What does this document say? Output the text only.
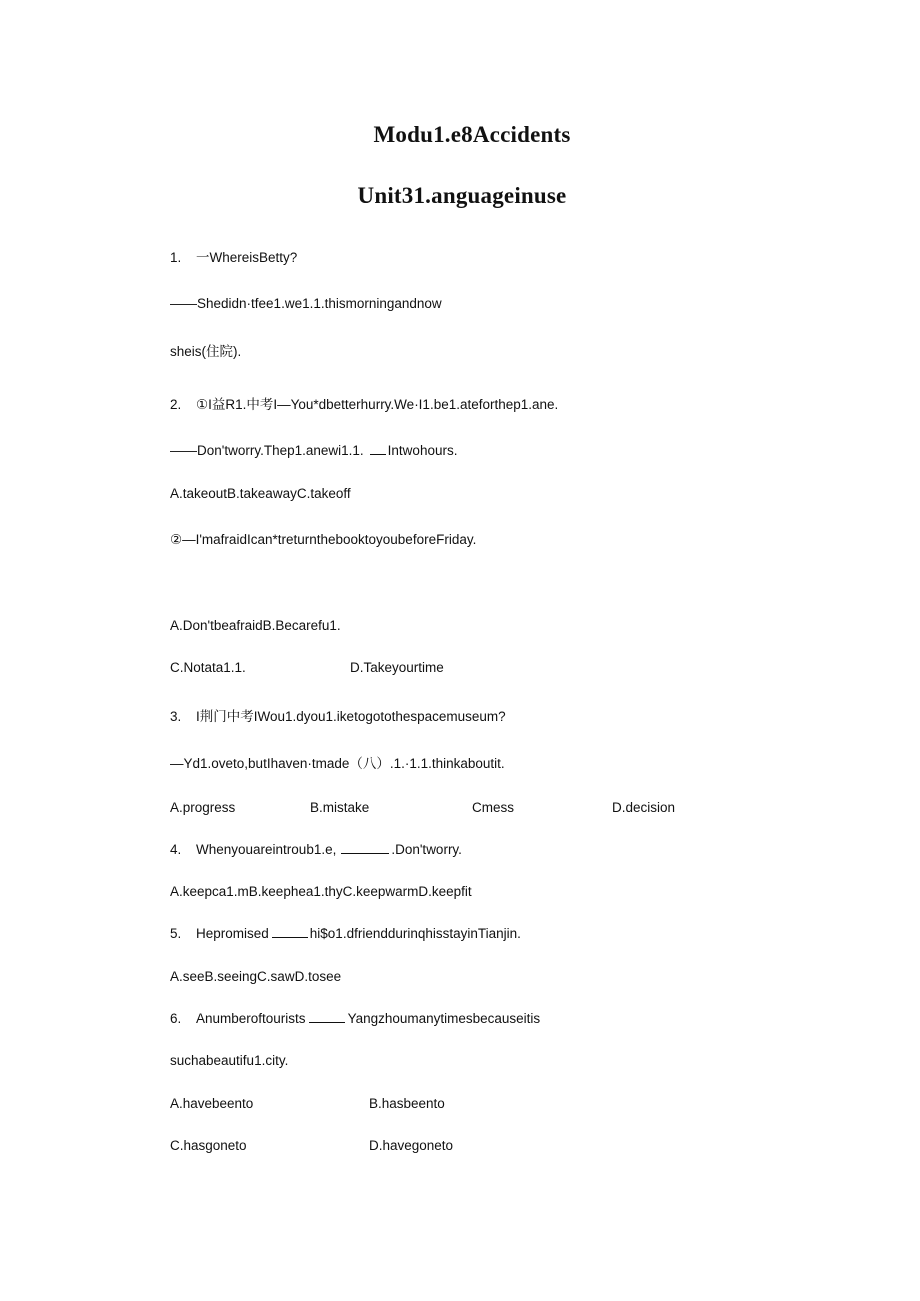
Modu1.e8Accidents
Unit31.anguageinuse
1. 一WhereisBetty?
——Shedidn·tfee1.we1.1.thismorningandnow
sheis(住院).
2. ①I益R1.中考I—You*dbetterhurry.We·I1.be1.atefortheр1.ane.
——Don'tworry.Thep1.anewi1.1. Intwohours.
A.takeoutB.takeawayC.takeoff
②—I'mafraidIcan*treturnthebooktoyoubeforeFriday.
A.Don'tbeafraidB.Becarefu1.
C.Notata1.1.	D.Takeyourtime
3. I荆门中考IWou1.dyou1.iketogotothespacemuseum?
—Yd1.oveto,butIhaven·tmade（八）.1.·1.1.thinkaboutit.
A.progress	B.mistake	Cmess	D.decision
4. Whenyouareintroub1.e,	.Don'tworry.
A.keepca1.mB.keephea1.thyC.keepwarmD.keepfit
5. Hepromised	hi$o1.dfrienddurinqhisstayinTianjin.
A.seeB.seeingC.sawD.tosee
6. Anumberoftourists	Yangzhoumanytimesbecauseitis
suchabeautifu1.city.
A.havebeento	B.hasbeento
C.hasgoneto	D.havegoneto
